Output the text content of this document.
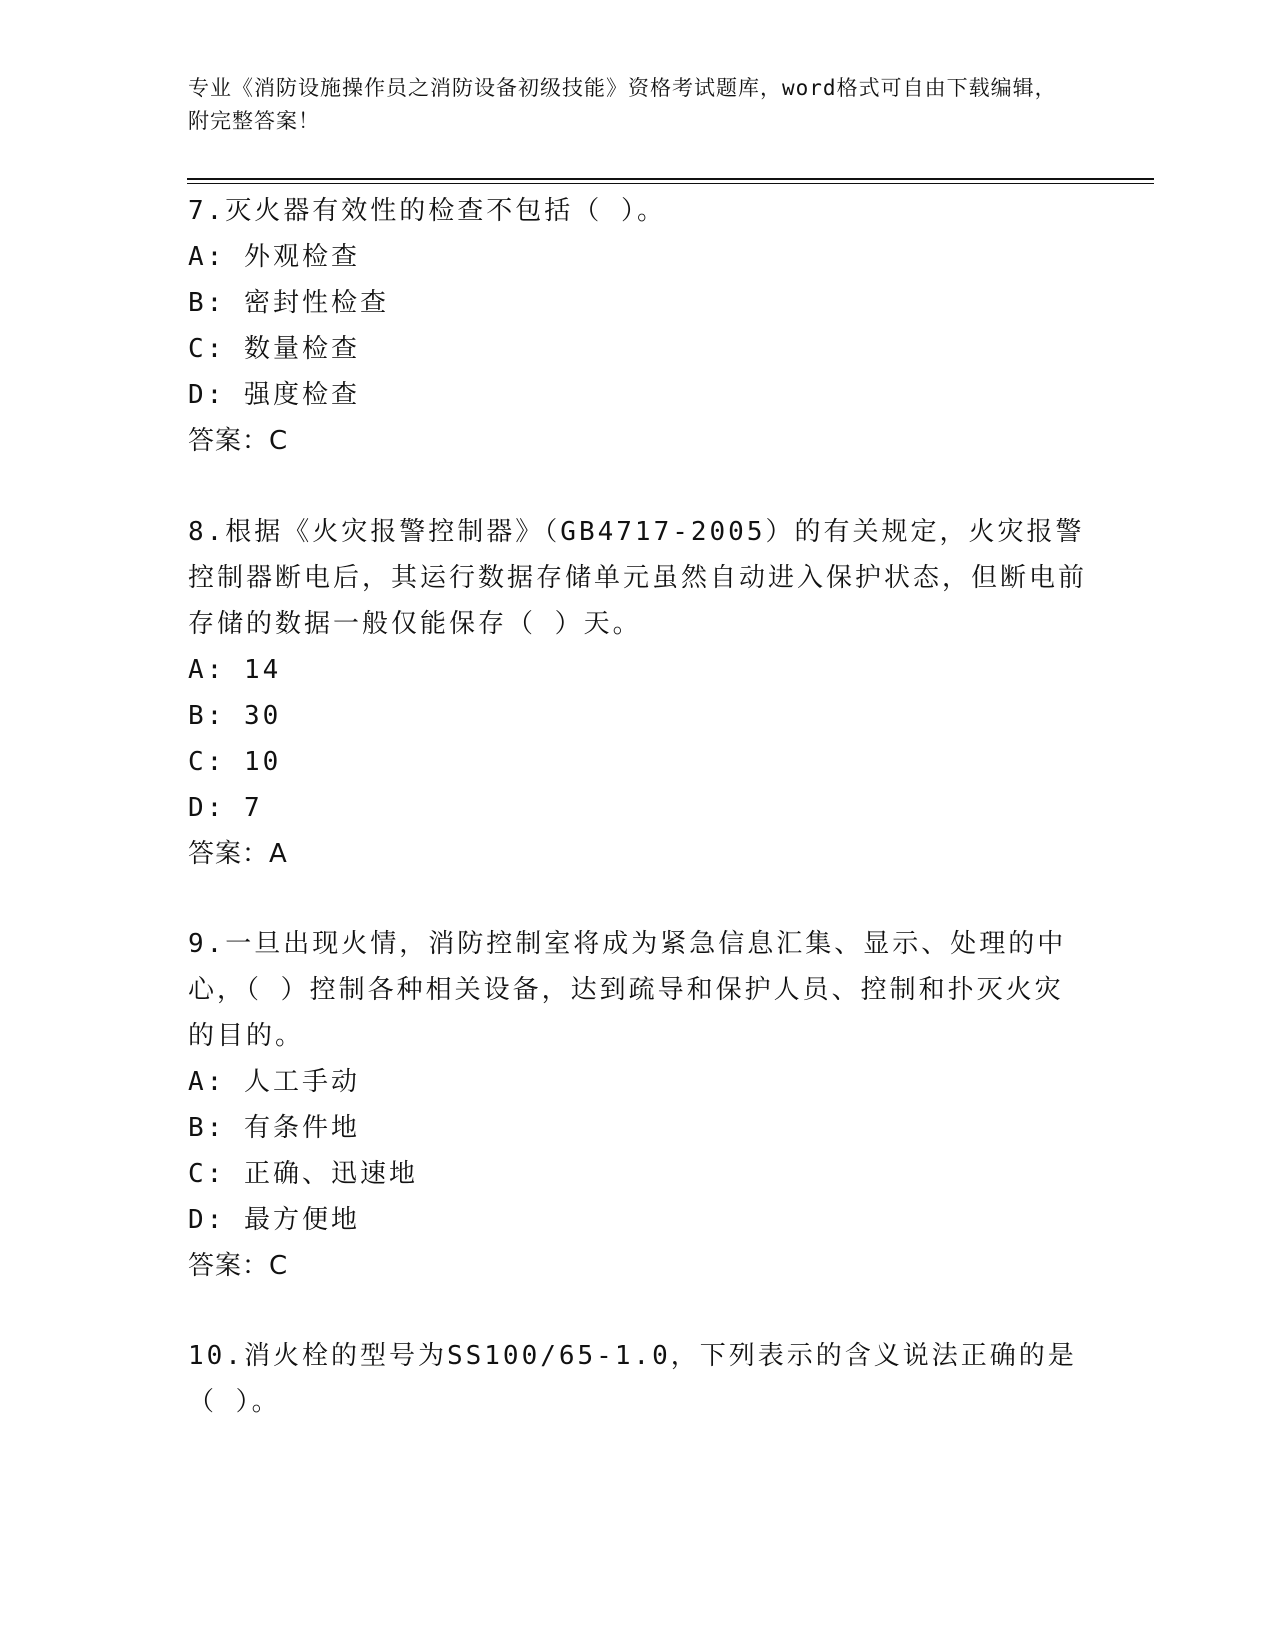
专业《消防设施操作员之消防设备初级技能》资格考试题库，word格式可自由下载编辑，附完整答案！

7.灭火器有效性的检查不包括（ ）。

A: 外观检查

B: 密封性检查

C: 数量检查

D: 强度检查

答案：C

8.根据《火灾报警控制器》（GB4717-2005）的有关规定，火灾报警控制器断电后，其运行数据存储单元虽然自动进入保护状态，但断电前存储的数据一般仅能保存（ ）天。

A: 14

B: 30

C: 10

D: 7

答案：A

9.一旦出现火情，消防控制室将成为紧急信息汇集、显示、处理的中心，（ ）控制各种相关设备，达到疏导和保护人员、控制和扑灭火灾的目的。

A: 人工手动

B: 有条件地

C: 正确、迅速地

D: 最方便地

答案：C

10.消火栓的型号为SS100/65-1.0，下列表示的含义说法正确的是（ ）。
